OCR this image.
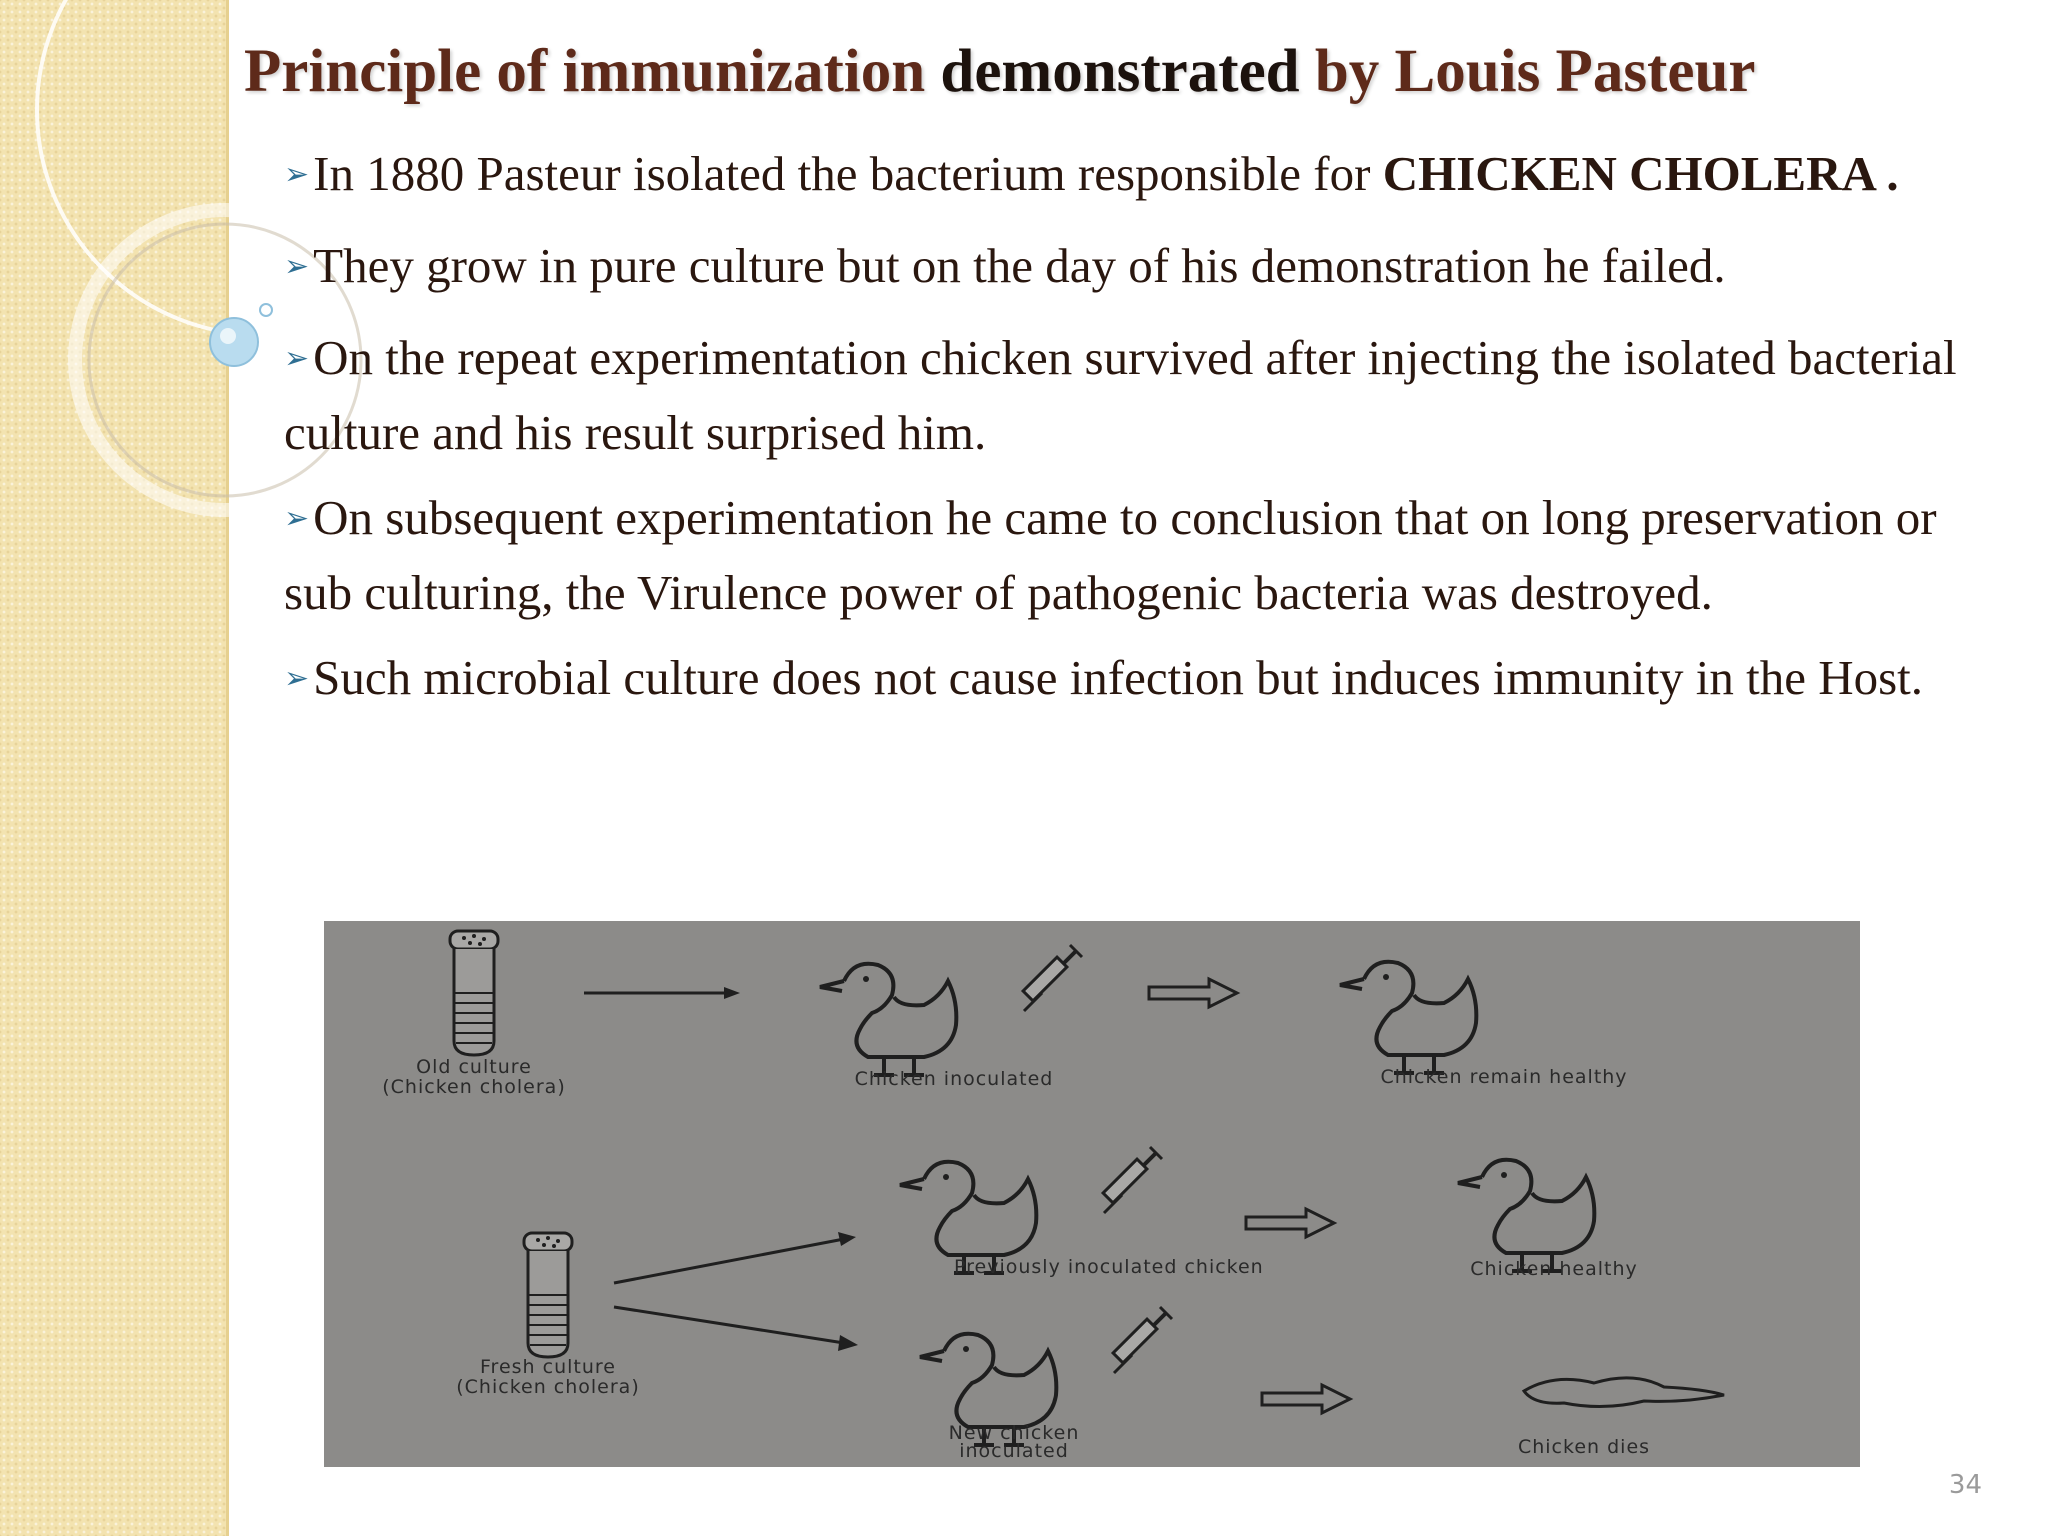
Principle of immunization demonstrated by Louis Pasteur
➢In 1880 Pasteur isolated the bacterium responsible for CHICKEN CHOLERA .
➢They grow in pure culture but on the day of his demonstration he failed.
➢On the repeat experimentation chicken survived after injecting the isolated bacterial culture and his result surprised him.
➢On subsequent experimentation he came to conclusion that on long preservation or sub culturing, the Virulence power of pathogenic bacteria was destroyed.
➢Such microbial culture does not cause infection but induces immunity in the Host.
Old culture
(Chicken cholera)	Chicken inoculated	Chicken remain healthy
Previously inoculated chicken	Chicken healthy
Fresh culture
(Chicken cholera)
New chicken
inoculated	Chicken dies
34
